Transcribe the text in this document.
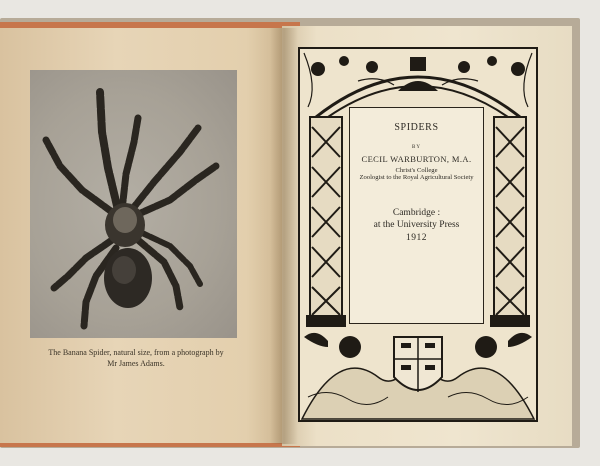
The Banana Spider, natural size, from a photograph by
Mr James Adams.
SPIDERS
BY
CECIL WARBURTON, M.A.
Christ's College
Zoologist to the Royal Agricultural Society
Cambridge :
at the University Press
1912
